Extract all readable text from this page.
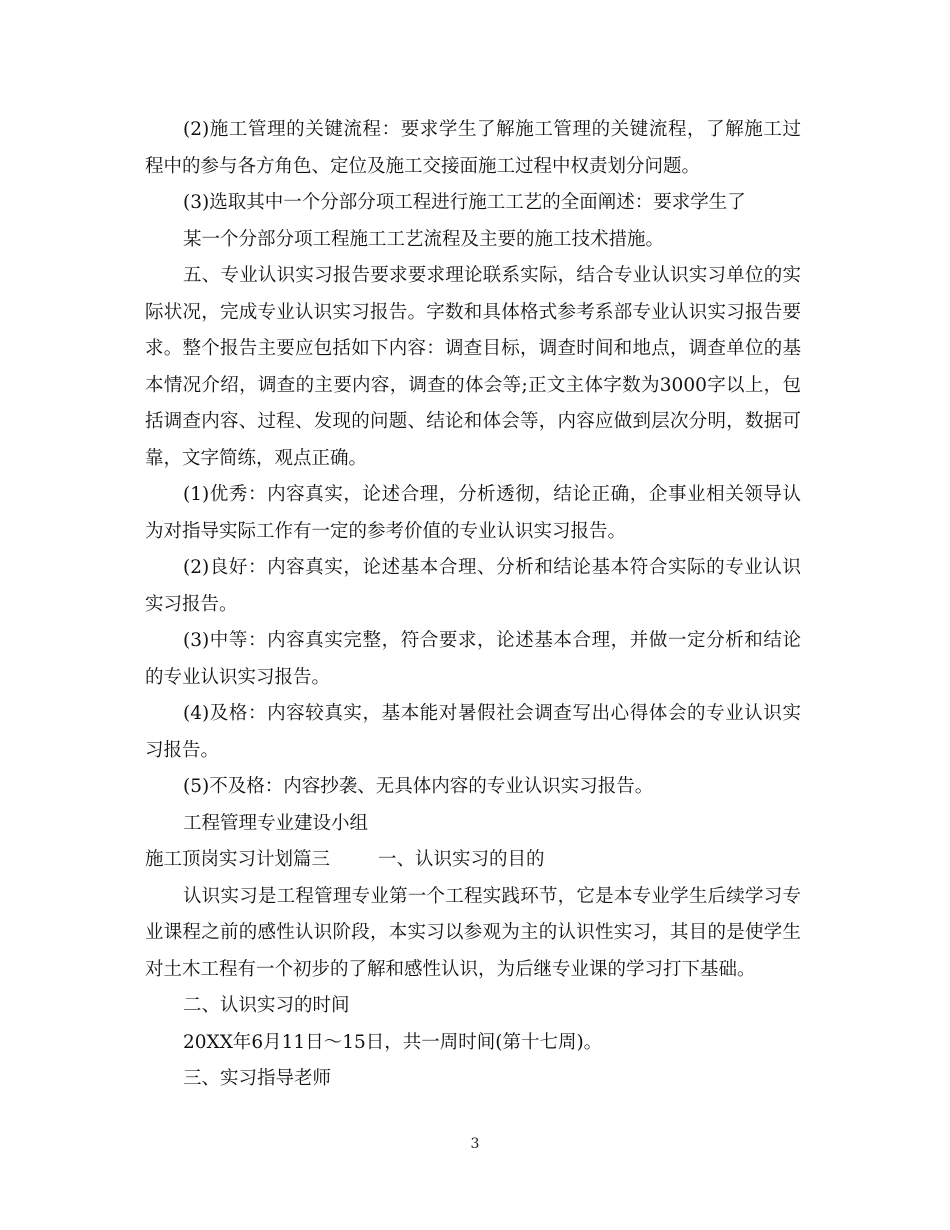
(2)施工管理的关键流程：要求学生了解施工管理的关键流程，了解施工过程中的参与各方角色、定位及施工交接面施工过程中权责划分问题。

(3)选取其中一个分部分项工程进行施工工艺的全面阐述：要求学生了

某一个分部分项工程施工工艺流程及主要的施工技术措施。

五、专业认识实习报告要求要求理论联系实际，结合专业认识实习单位的实际状况，完成专业认识实习报告。字数和具体格式参考系部专业认识实习报告要求。整个报告主要应包括如下内容：调查目标，调查时间和地点，调查单位的基本情况介绍，调查的主要内容，调查的体会等;正文主体字数为3000字以上，包括调查内容、过程、发现的问题、结论和体会等，内容应做到层次分明，数据可靠，文字简练，观点正确。

(1)优秀：内容真实，论述合理，分析透彻，结论正确，企事业相关领导认为对指导实际工作有一定的参考价值的专业认识实习报告。

(2)良好：内容真实，论述基本合理、分析和结论基本符合实际的专业认识实习报告。

(3)中等：内容真实完整，符合要求，论述基本合理，并做一定分析和结论的专业认识实习报告。

(4)及格：内容较真实，基本能对暑假社会调查写出心得体会的专业认识实习报告。

(5)不及格：内容抄袭、无具体内容的专业认识实习报告。

工程管理专业建设小组

施工顶岗实习计划篇三	一、认识实习的目的

认识实习是工程管理专业第一个工程实践环节，它是本专业学生后续学习专业课程之前的感性认识阶段，本实习以参观为主的认识性实习，其目的是使学生对土木工程有一个初步的了解和感性认识，为后继专业课的学习打下基础。

二、认识实习的时间

20XX年6月11日～15日，共一周时间(第十七周)。

三、实习指导老师

3
